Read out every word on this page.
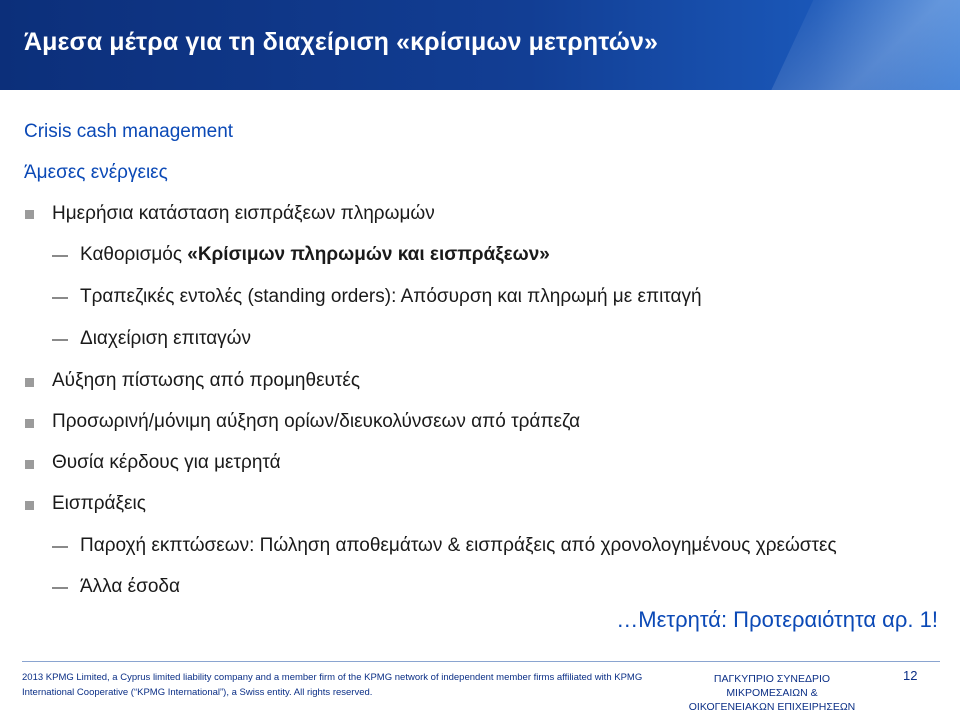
Άμεσα μέτρα για τη διαχείριση «κρίσιμων μετρητών»
Crisis cash management
Άμεσες ενέργειες
Ημερήσια κατάσταση εισπράξεων πληρωμών
Καθορισμός «Κρίσιμων πληρωμών και εισπράξεων»
Τραπεζικές εντολές (standing orders): Απόσυρση και πληρωμή με επιταγή
Διαχείριση επιταγών
Αύξηση πίστωσης από προμηθευτές
Προσωρινή/μόνιμη αύξηση ορίων/διευκολύνσεων από τράπεζα
Θυσία κέρδους για μετρητά
Εισπράξεις
Παροχή εκπτώσεων: Πώληση αποθεμάτων & εισπράξεις από χρονολογημένους χρεώστες
Άλλα έσοδα
…Μετρητά: Προτεραιότητα αρ. 1!
2013 KPMG Limited, a Cyprus limited liability company and a member firm of the KPMG network of independent member firms affiliated with KPMG
International Cooperative (“KPMG International”), a Swiss entity. All rights reserved.
ΠΑΓΚΥΠΡΙΟ ΣΥΝΕΔΡΙΟ ΜΙΚΡΟΜΕΣΑΙΩΝ &
ΟΙΚΟΓΕΝΕΙΑΚΩΝ ΕΠΙΧΕΙΡΗΣΕΩΝ
12
